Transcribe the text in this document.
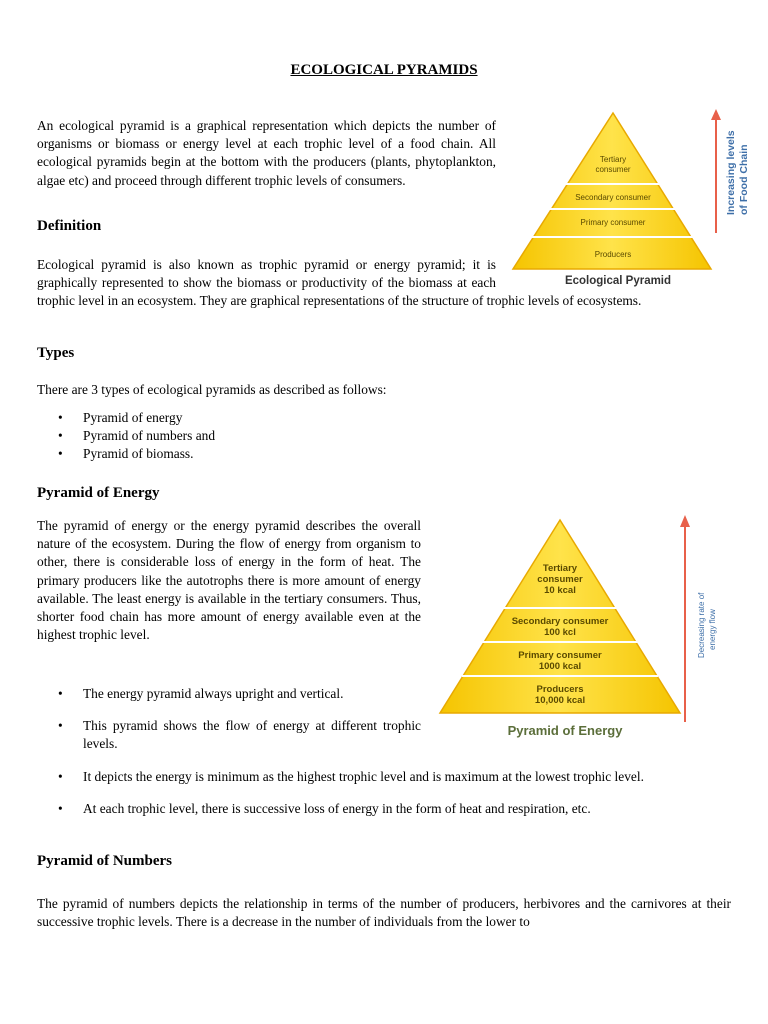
ECOLOGICAL PYRAMIDS

An ecological pyramid is a graphical representation which depicts the number of organisms or biomass or energy level at each trophic level of a food chain. All ecological pyramids begin at the bottom with the producers (plants, phytoplankton, algae etc) and proceed through different trophic levels of consumers.

Definition

Ecological pyramid is also known as trophic pyramid or energy pyramid; it is graphically represented to show the biomass or productivity of the biomass at each trophic level in an ecosystem. They are graphical representations of the structure of trophic levels of ecosystems.

Types

There are 3 types of ecological pyramids as described as follows:

• Pyramid of energy
• Pyramid of numbers and
• Pyramid of biomass.
Pyramid of Energy

The pyramid of energy or the energy pyramid describes the overall nature of the ecosystem. During the flow of energy from organism to other, there is considerable loss of energy in the form of heat. The primary producers like the autotrophs there is more amount of energy available. The least energy is available in the tertiary consumers. Thus, shorter food chain has more amount of energy available even at the highest trophic level.

• The energy pyramid always upright and vertical.
• This pyramid shows the flow of energy at different trophic levels.
• It depicts the energy is minimum as the highest trophic level and is maximum at the lowest trophic level.
• At each trophic level, there is successive loss of energy in the form of heat and respiration, etc.
Pyramid of Numbers

The pyramid of numbers depicts the relationship in terms of the number of producers, herbivores and the carnivores at their successive trophic levels. There is a decrease in the number of individuals from the lower to

Tertiary
consumer
Secondary consumer
Primary consumer
Producers
Ecological Pyramid
Increasing levels of Food Chain
Tertiary
consumer
10 kcal
Secondary consumer
100 kcl
Primary consumer
1000 kcal
Producers
10,000 kcal
Pyramid of Energy
Decreasing rate of energy flow
